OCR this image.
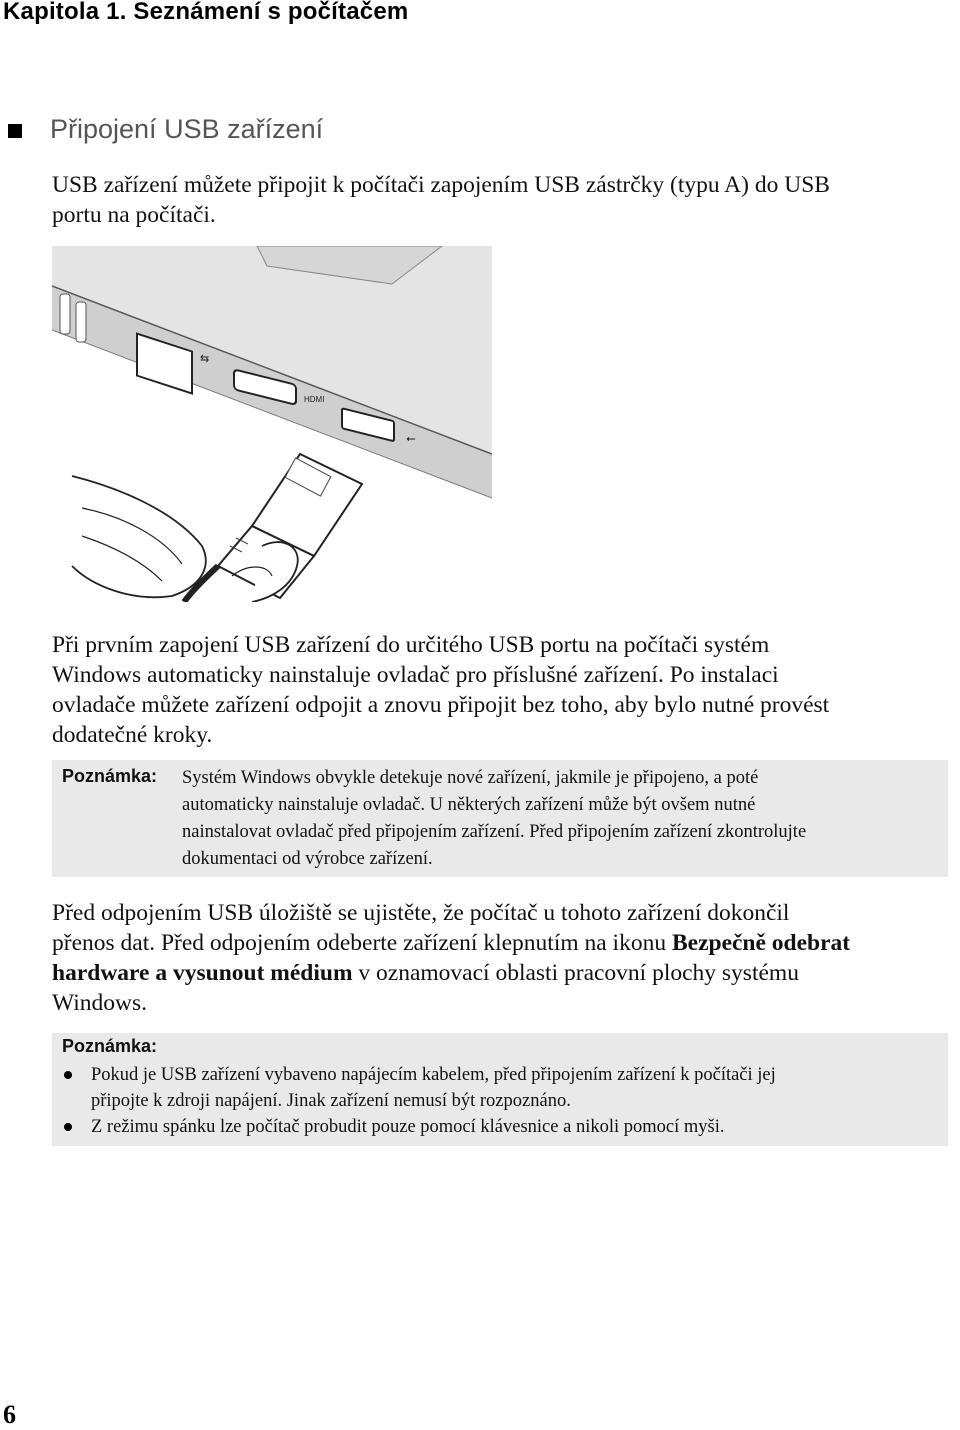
Kapitola 1. Seznámení s počítačem
Připojení USB zařízení
USB zařízení můžete připojit k počítači zapojením USB zástrčky (typu A) do USB
portu na počítači.
⇆
HDMI
⭠
Při prvním zapojení USB zařízení do určitého USB portu na počítači systém
Windows automaticky nainstaluje ovladač pro příslušné zařízení. Po instalaci
ovladače můžete zařízení odpojit a znovu připojit bez toho, aby bylo nutné provést
dodatečné kroky.
Poznámka: Systém Windows obvykle detekuje nové zařízení, jakmile je připojeno, a poté
automaticky nainstaluje ovladač. U některých zařízení může být ovšem nutné
nainstalovat ovladač před připojením zařízení. Před připojením zařízení zkontrolujte
dokumentaci od výrobce zařízení.
Před odpojením USB úložiště se ujistěte, že počítač u tohoto zařízení dokončil
přenos dat. Před odpojením odeberte zařízení klepnutím na ikonu Bezpečně odebrat
hardware a vysunout médium v oznamovací oblasti pracovní plochy systému
Windows.
Poznámka:
Pokud je USB zařízení vybaveno napájecím kabelem, před připojením zařízení k počítači jej
připojte k zdroji napájení. Jinak zařízení nemusí být rozpoznáno.
Z režimu spánku lze počítač probudit pouze pomocí klávesnice a nikoli pomocí myši.
6
